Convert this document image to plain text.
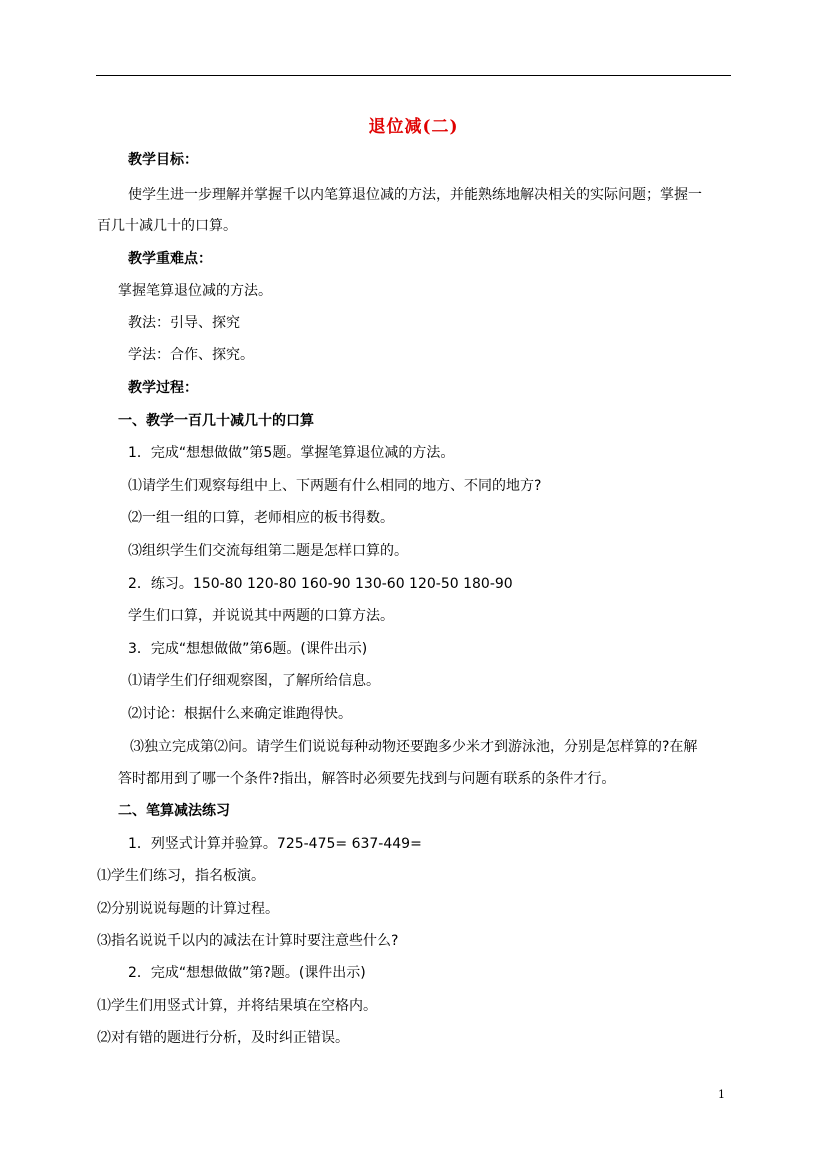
退位减(二)
教学目标：
使学生进一步理解并掌握千以内笔算退位减的方法，并能熟练地解决相关的实际问题；掌握一
百几十减几十的口算。
教学重难点：
掌握笔算退位减的方法。
教法：引导、探究
学法：合作、探究。
教学过程：
一、教学一百几十减几十的口算
1．完成“想想做做”第5题。掌握笔算退位减的方法。
⑴请学生们观察每组中上、下两题有什么相同的地方、不同的地方?
⑵一组一组的口算，老师相应的板书得数。
⑶组织学生们交流每组第二题是怎样口算的。
2．练习。150-80 120-80 160-90 130-60 120-50 180-90
学生们口算，并说说其中两题的口算方法。
3．完成“想想做做”第6题。(课件出示)
⑴请学生们仔细观察图，了解所给信息。
⑵讨论：根据什么来确定谁跑得快。
⑶独立完成第⑵问。请学生们说说每种动物还要跑多少米才到游泳池，分别是怎样算的?在解
答时都用到了哪一个条件?指出，解答时必须要先找到与问题有联系的条件才行。
二、笔算减法练习
1．列竖式计算并验算。725-475= 637-449=
⑴学生们练习，指名板演。
⑵分别说说每题的计算过程。
⑶指名说说千以内的减法在计算时要注意些什么?
2．完成“想想做做”第?题。(课件出示)
⑴学生们用竖式计算，并将结果填在空格内。
⑵对有错的题进行分析，及时纠正错误。
1
